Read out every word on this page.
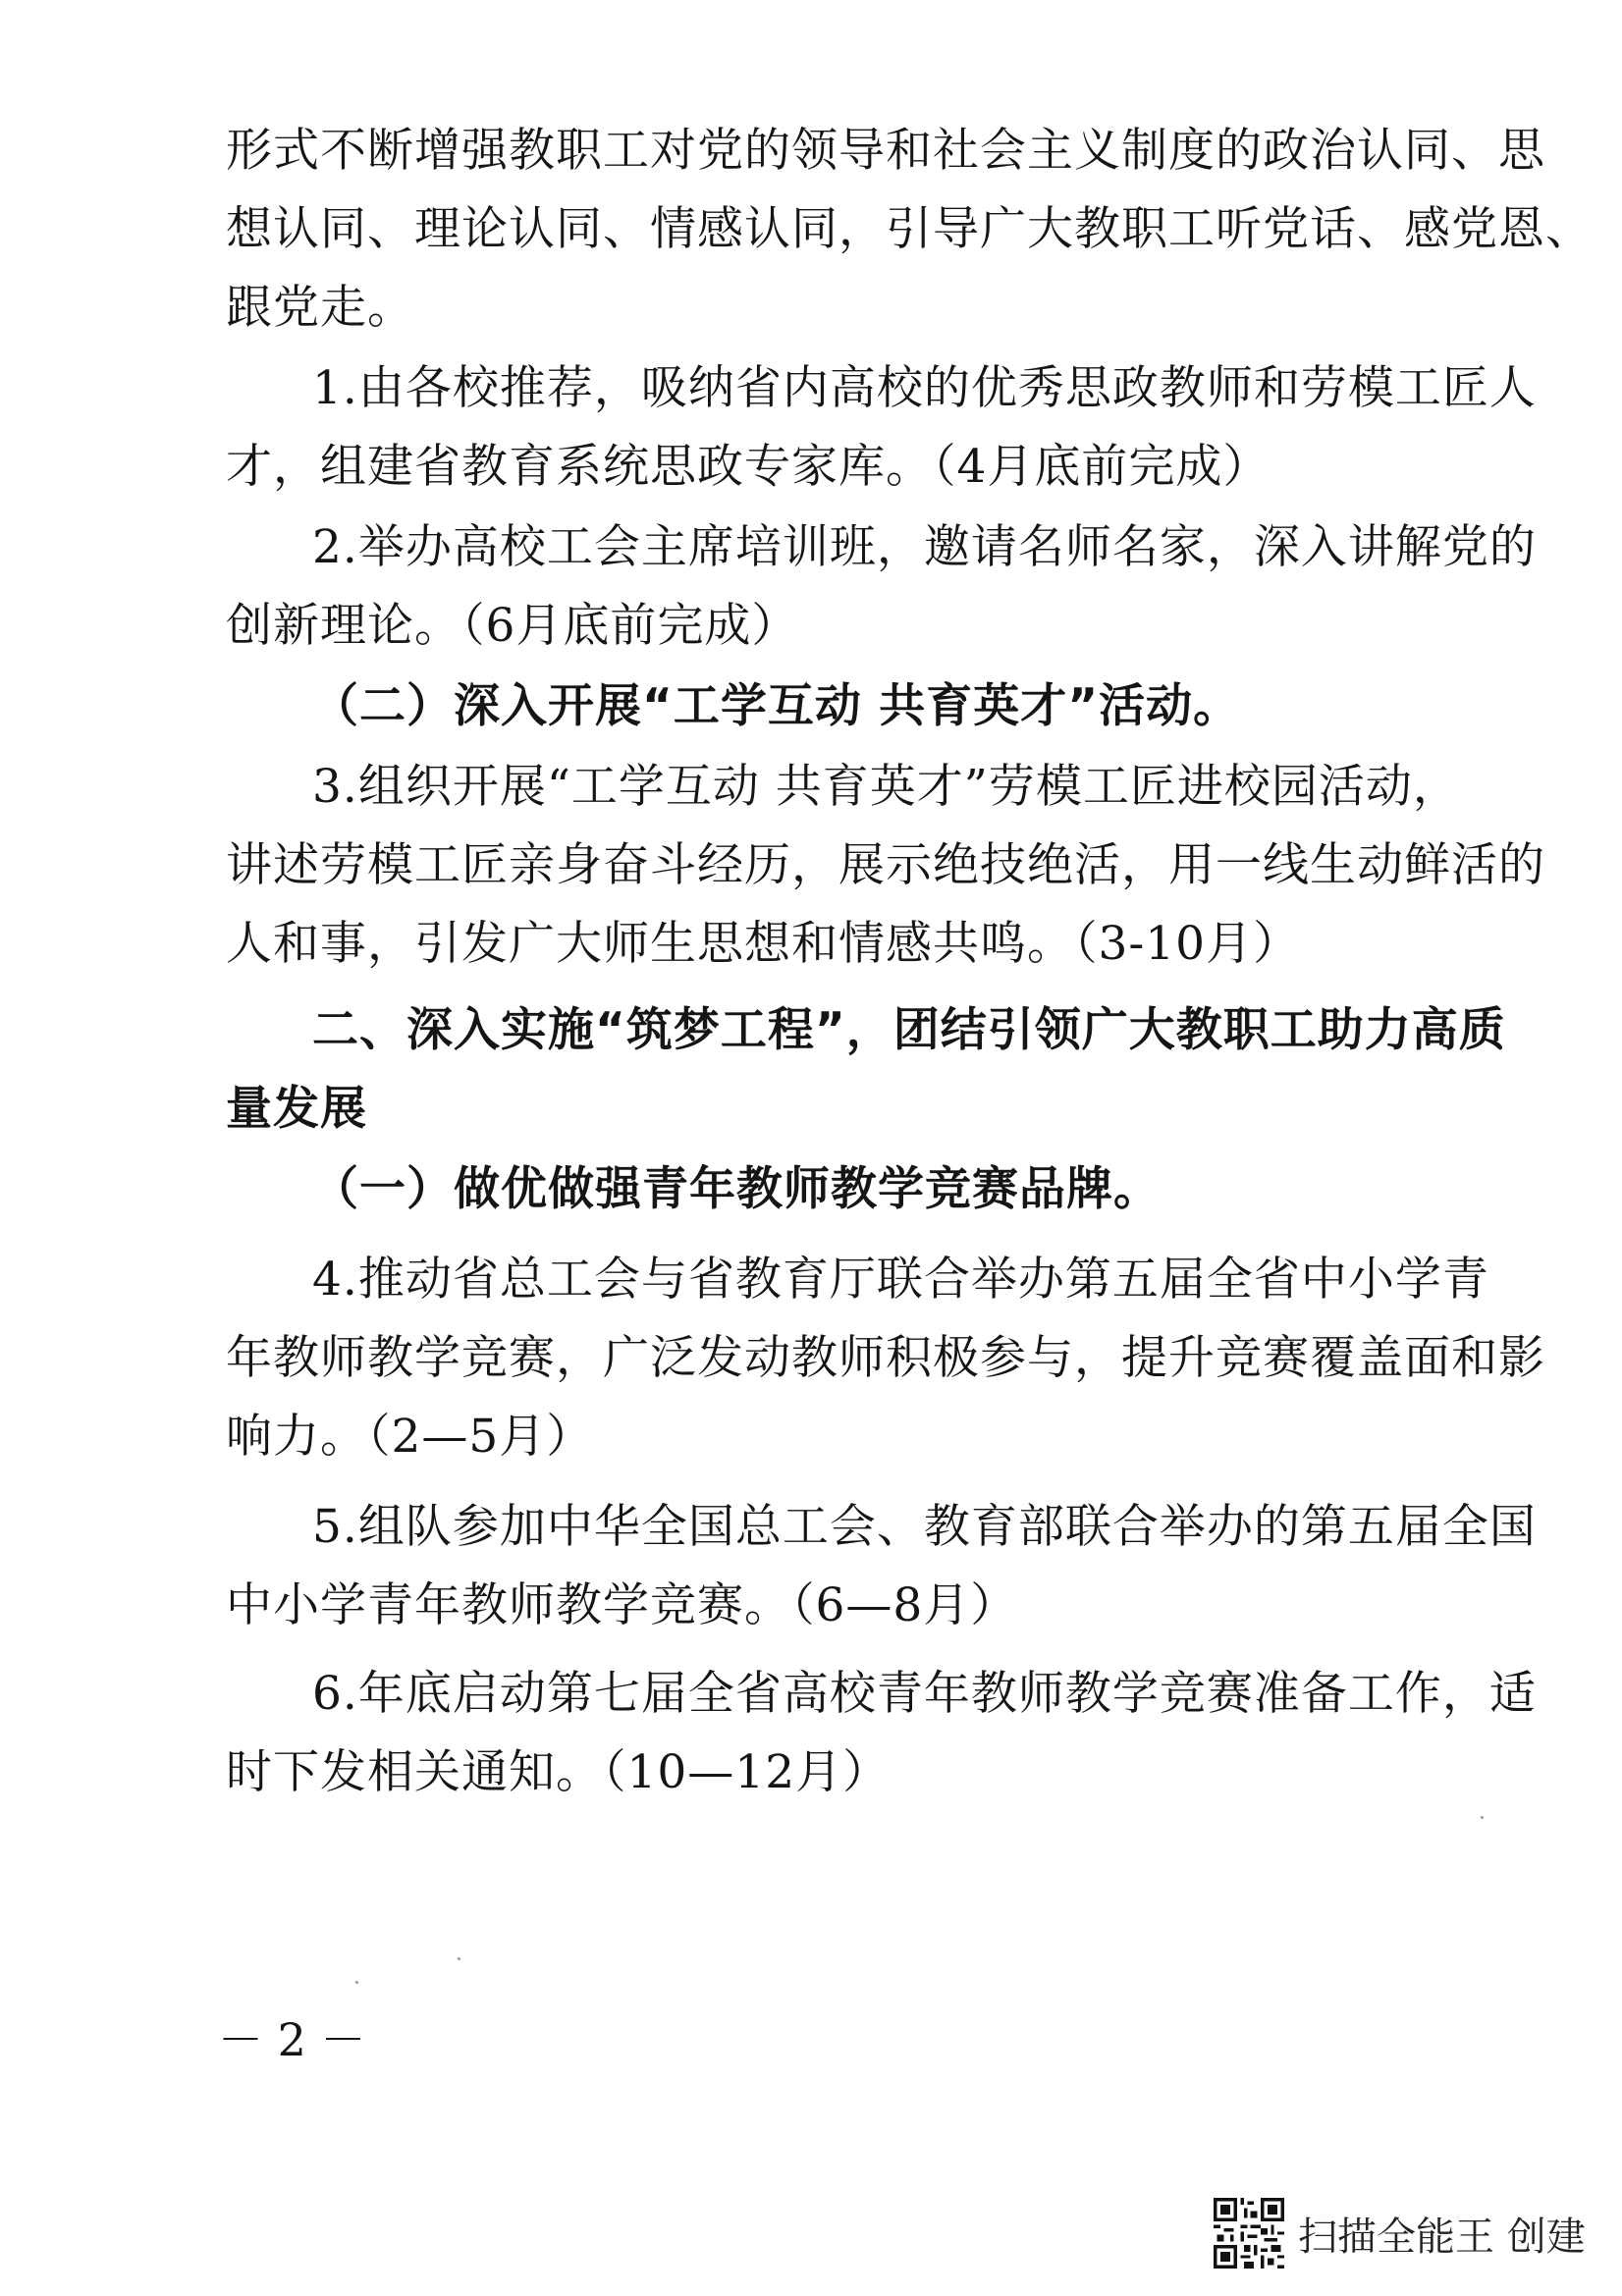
形式不断增强教职工对党的领导和社会主义制度的政治认同、思
想认同、理论认同、情感认同，引导广大教职工听党话、感党恩、
跟党走。
1.由各校推荐，吸纳省内高校的优秀思政教师和劳模工匠人
才，组建省教育系统思政专家库。（4月底前完成）
2.举办高校工会主席培训班，邀请名师名家，深入讲解党的
创新理论。（6月底前完成）
（二）深入开展“工学互动 共育英才”活动。
3.组织开展“工学互动 共育英才”劳模工匠进校园活动，
讲述劳模工匠亲身奋斗经历，展示绝技绝活，用一线生动鲜活的
人和事，引发广大师生思想和情感共鸣。（3-10月）
二、深入实施“筑梦工程”，团结引领广大教职工助力高质
量发展
（一）做优做强青年教师教学竞赛品牌。
4.推动省总工会与省教育厅联合举办第五届全省中小学青
年教师教学竞赛，广泛发动教师积极参与，提升竞赛覆盖面和影
响力。（2—5月）
5.组队参加中华全国总工会、教育部联合举办的第五届全国
中小学青年教师教学竞赛。（6—8月）
6.年底启动第七届全省高校青年教师教学竞赛准备工作，适
时下发相关通知。（10—12月）
－ 2 －
扫描全能王 创建
